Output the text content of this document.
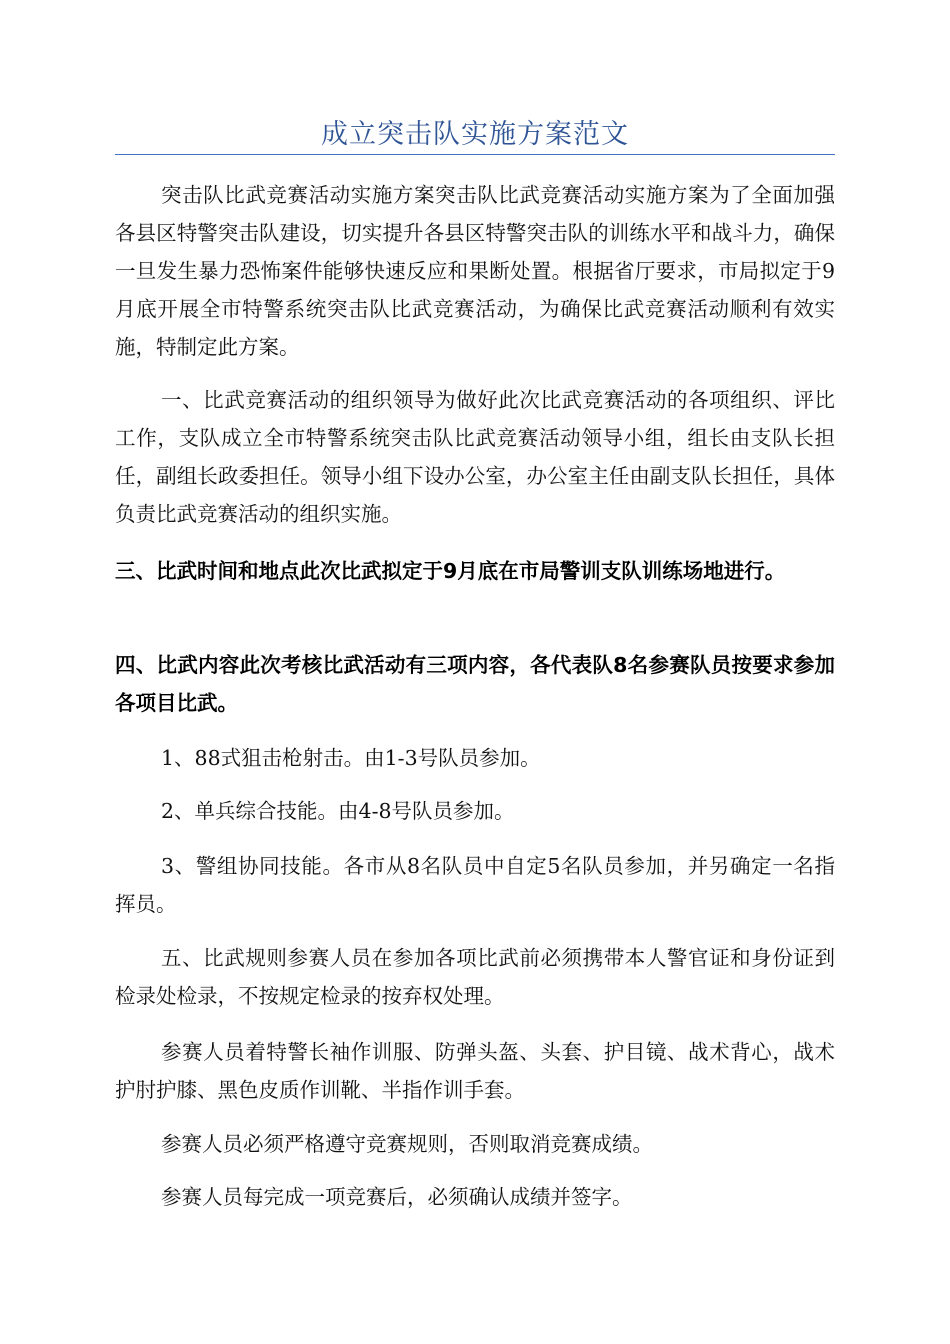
成立突击队实施方案范文

突击队比武竞赛活动实施方案突击队比武竞赛活动实施方案为了全面加强各县区特警突击队建设，切实提升各县区特警突击队的训练水平和战斗力，确保一旦发生暴力恐怖案件能够快速反应和果断处置。根据省厅要求，市局拟定于9月底开展全市特警系统突击队比武竞赛活动，为确保比武竞赛活动顺利有效实施，特制定此方案。

一、比武竞赛活动的组织领导为做好此次比武竞赛活动的各项组织、评比工作，支队成立全市特警系统突击队比武竞赛活动领导小组，组长由支队长担任，副组长政委担任。领导小组下设办公室，办公室主任由副支队长担任，具体负责比武竞赛活动的组织实施。

三、比武时间和地点此次比武拟定于9月底在市局警训支队训练场地进行。

四、比武内容此次考核比武活动有三项内容，各代表队8名参赛队员按要求参加各项目比武。

1、88式狙击枪射击。由1-3号队员参加。

2、单兵综合技能。由4-8号队员参加。

3、警组协同技能。各市从8名队员中自定5名队员参加，并另确定一名指挥员。

五、比武规则参赛人员在参加各项比武前必须携带本人警官证和身份证到检录处检录，不按规定检录的按弃权处理。

参赛人员着特警长袖作训服、防弹头盔、头套、护目镜、战术背心，战术护肘护膝、黑色皮质作训靴、半指作训手套。

参赛人员必须严格遵守竞赛规则，否则取消竞赛成绩。

参赛人员每完成一项竞赛后，必须确认成绩并签字。
